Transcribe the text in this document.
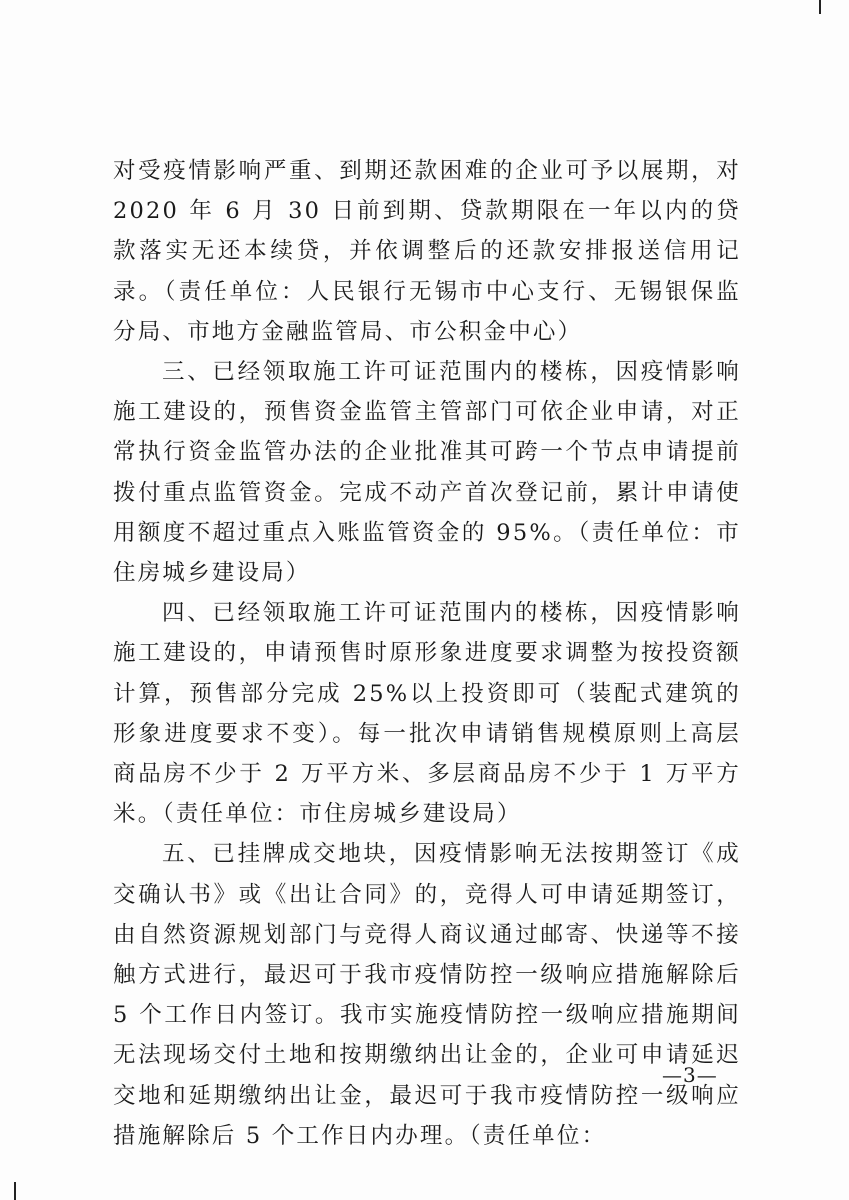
对受疫情影响严重、到期还款困难的企业可予以展期，对 2020 年 6 月 30 日前到期、贷款期限在一年以内的贷款落实无还本续贷，并依调整后的还款安排报送信用记录。（责任单位：人民银行无锡市中心支行、无锡银保监分局、市地方金融监管局、市公积金中心）

三、已经领取施工许可证范围内的楼栋，因疫情影响施工建设的，预售资金监管主管部门可依企业申请，对正常执行资金监管办法的企业批准其可跨一个节点申请提前拨付重点监管资金。完成不动产首次登记前，累计申请使用额度不超过重点入账监管资金的 95%。（责任单位：市住房城乡建设局）

四、已经领取施工许可证范围内的楼栋，因疫情影响施工建设的，申请预售时原形象进度要求调整为按投资额计算，预售部分完成 25%以上投资即可（装配式建筑的形象进度要求不变）。每一批次申请销售规模原则上高层商品房不少于 2 万平方米、多层商品房不少于 1 万平方米。（责任单位：市住房城乡建设局）

五、已挂牌成交地块，因疫情影响无法按期签订《成交确认书》或《出让合同》的，竞得人可申请延期签订，由自然资源规划部门与竞得人商议通过邮寄、快递等不接触方式进行，最迟可于我市疫情防控一级响应措施解除后 5 个工作日内签订。我市实施疫情防控一级响应措施期间无法现场交付土地和按期缴纳出让金的，企业可申请延迟交地和延期缴纳出让金，最迟可于我市疫情防控一级响应措施解除后 5 个工作日内办理。（责任单位：

—3—
